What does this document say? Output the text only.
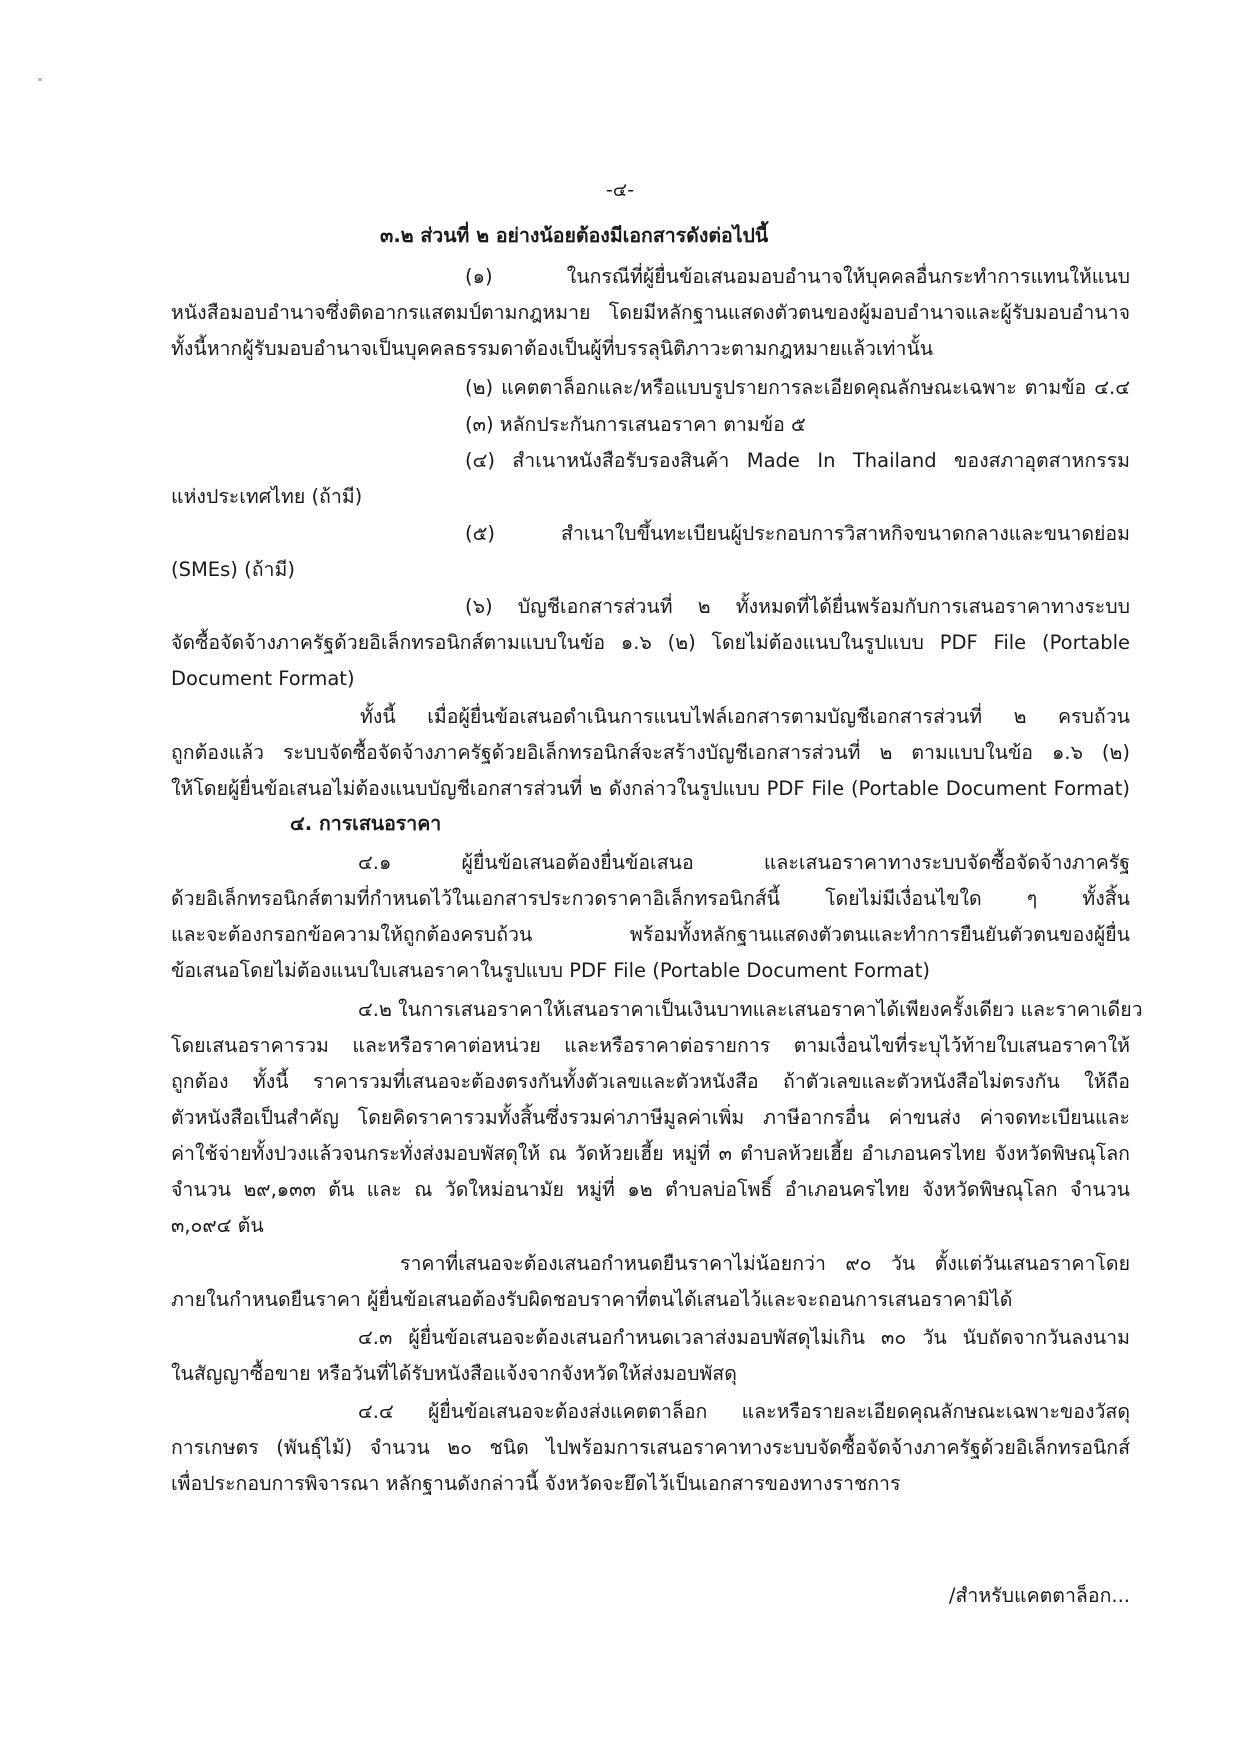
-๔-
๓.๒ ส่วนที่ ๒ อย่างน้อยต้องมีเอกสารดังต่อไปนี้
(๑) ในกรณีที่ผู้ยื่นข้อเสนอมอบอำนาจให้บุคคลอื่นกระทำการแทนให้แนบ
หนังสือมอบอำนาจซึ่งติดอากรแสตมป์ตามกฎหมาย โดยมีหลักฐานแสดงตัวตนของผู้มอบอำนาจและผู้รับมอบอำนาจ
ทั้งนี้หากผู้รับมอบอำนาจเป็นบุคคลธรรมดาต้องเป็นผู้ที่บรรลุนิติภาวะตามกฎหมายแล้วเท่านั้น
(๒) แคตตาล็อกและ/หรือแบบรูปรายการละเอียดคุณลักษณะเฉพาะ ตามข้อ ๔.๔
(๓) หลักประกันการเสนอราคา ตามข้อ ๕
(๔) สำเนาหนังสือรับรองสินค้า Made In Thailand ของสภาอุตสาหกรรม
แห่งประเทศไทย (ถ้ามี)
(๕) สำเนาใบขึ้นทะเบียนผู้ประกอบการวิสาหกิจขนาดกลางและขนาดย่อม
(SMEs) (ถ้ามี)
(๖) บัญชีเอกสารส่วนที่ ๒ ทั้งหมดที่ได้ยื่นพร้อมกับการเสนอราคาทางระบบ
จัดซื้อจัดจ้างภาครัฐด้วยอิเล็กทรอนิกส์ตามแบบในข้อ ๑.๖ (๒) โดยไม่ต้องแนบในรูปแบบ PDF File (Portable
Document Format)
ทั้งนี้ เมื่อผู้ยื่นข้อเสนอดำเนินการแนบไฟล์เอกสารตามบัญชีเอกสารส่วนที่ ๒ ครบถ้วน
ถูกต้องแล้ว ระบบจัดซื้อจัดจ้างภาครัฐด้วยอิเล็กทรอนิกส์จะสร้างบัญชีเอกสารส่วนที่ ๒ ตามแบบในข้อ ๑.๖ (๒)
ให้โดยผู้ยื่นข้อเสนอไม่ต้องแนบบัญชีเอกสารส่วนที่ ๒ ดังกล่าวในรูปแบบ PDF File (Portable Document Format)
๔. การเสนอราคา
๔.๑ ผู้ยื่นข้อเสนอต้องยื่นข้อเสนอ และเสนอราคาทางระบบจัดซื้อจัดจ้างภาครัฐ
ด้วยอิเล็กทรอนิกส์ตามที่กำหนดไว้ในเอกสารประกวดราคาอิเล็กทรอนิกส์นี้ โดยไม่มีเงื่อนไขใด ๆ ทั้งสิ้น
และจะต้องกรอกข้อความให้ถูกต้องครบถ้วน พร้อมทั้งหลักฐานแสดงตัวตนและทำการยืนยันตัวตนของผู้ยื่น
ข้อเสนอโดยไม่ต้องแนบใบเสนอราคาในรูปแบบ PDF File (Portable Document Format)
๔.๒ ในการเสนอราคาให้เสนอราคาเป็นเงินบาทและเสนอราคาได้เพียงครั้งเดียว และราคาเดียว
โดยเสนอราคารวม และหรือราคาต่อหน่วย และหรือราคาต่อรายการ ตามเงื่อนไขที่ระบุไว้ท้ายใบเสนอราคาให้
ถูกต้อง ทั้งนี้ ราคารวมที่เสนอจะต้องตรงกันทั้งตัวเลขและตัวหนังสือ ถ้าตัวเลขและตัวหนังสือไม่ตรงกัน ให้ถือ
ตัวหนังสือเป็นสำคัญ โดยคิดราคารวมทั้งสิ้นซึ่งรวมค่าภาษีมูลค่าเพิ่ม ภาษีอากรอื่น ค่าขนส่ง ค่าจดทะเบียนและ
ค่าใช้จ่ายทั้งปวงแล้วจนกระทั่งส่งมอบพัสดุให้ ณ วัดห้วยเฮี้ย หมู่ที่ ๓ ตำบลห้วยเฮี้ย อำเภอนครไทย จังหวัดพิษณุโลก
จำนวน ๒๙,๑๓๓ ต้น และ ณ วัดใหม่อนามัย หมู่ที่ ๑๒ ตำบลบ่อโพธิ์ อำเภอนครไทย จังหวัดพิษณุโลก จำนวน
๓,๐๙๔ ต้น
ราคาที่เสนอจะต้องเสนอกำหนดยืนราคาไม่น้อยกว่า ๙๐ วัน ตั้งแต่วันเสนอราคาโดย
ภายในกำหนดยืนราคา ผู้ยื่นข้อเสนอต้องรับผิดชอบราคาที่ตนได้เสนอไว้และจะถอนการเสนอราคามิได้
๔.๓ ผู้ยื่นข้อเสนอจะต้องเสนอกำหนดเวลาส่งมอบพัสดุไม่เกิน ๓๐ วัน นับถัดจากวันลงนาม
ในสัญญาซื้อขาย หรือวันที่ได้รับหนังสือแจ้งจากจังหวัดให้ส่งมอบพัสดุ
๔.๔ ผู้ยื่นข้อเสนอจะต้องส่งแคตตาล็อก และหรือรายละเอียดคุณลักษณะเฉพาะของวัสดุ
การเกษตร (พันธุ์ไม้) จำนวน ๒๐ ชนิด ไปพร้อมการเสนอราคาทางระบบจัดซื้อจัดจ้างภาครัฐด้วยอิเล็กทรอนิกส์
เพื่อประกอบการพิจารณา หลักฐานดังกล่าวนี้ จังหวัดจะยึดไว้เป็นเอกสารของทางราชการ
/สำหรับแคตตาล็อก...
